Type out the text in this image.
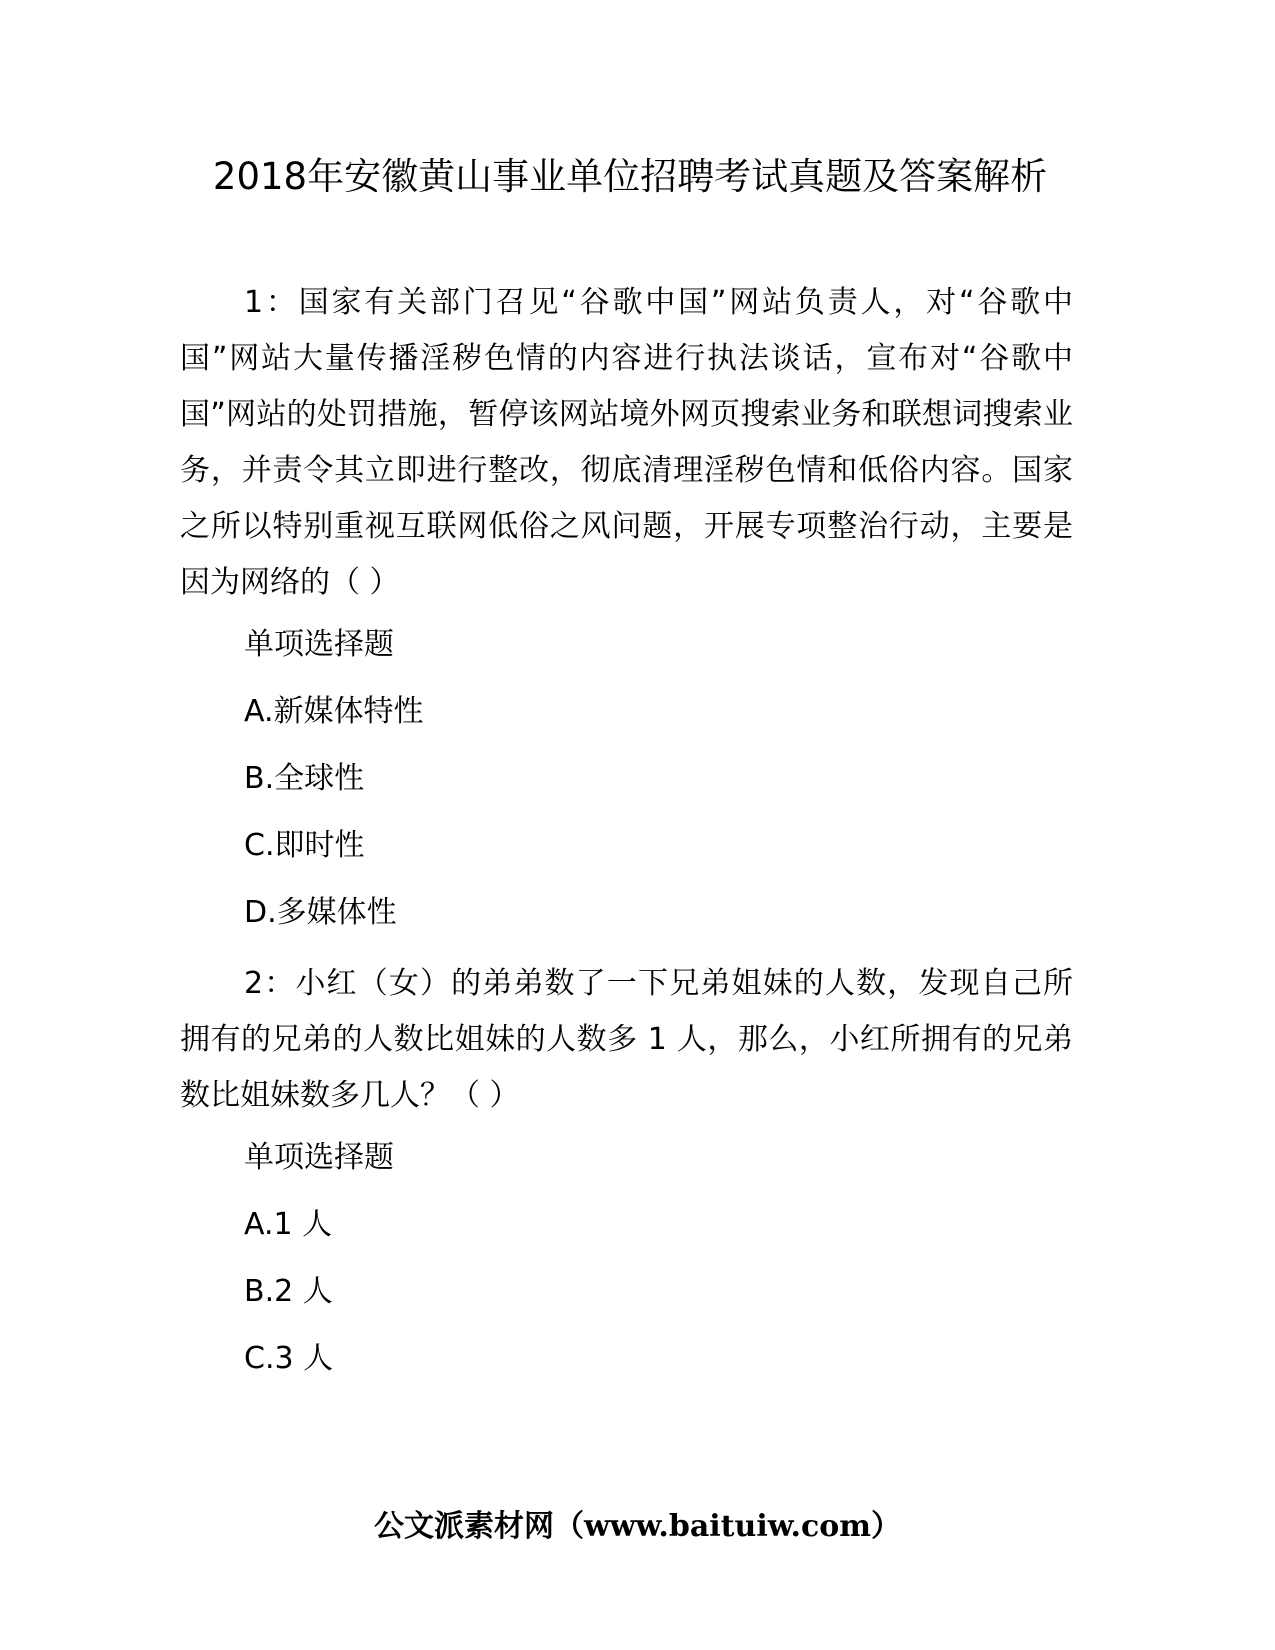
2018年安徽黄山事业单位招聘考试真题及答案解析

1：国家有关部门召见“谷歌中国”网站负责人，对“谷歌中国”网站大量传播淫秽色情的内容进行执法谈话，宣布对“谷歌中国”网站的处罚措施，暂停该网站境外网页搜索业务和联想词搜索业务，并责令其立即进行整改，彻底清理淫秽色情和低俗内容。国家之所以特别重视互联网低俗之风问题，开展专项整治行动，主要是因为网络的（ ）

单项选择题

A.新媒体特性

B.全球性

C.即时性

D.多媒体性

2：小红（女）的弟弟数了一下兄弟姐妹的人数，发现自己所拥有的兄弟的人数比姐妹的人数多 1 人，那么，小红所拥有的兄弟数比姐妹数多几人？（ ）

单项选择题

A.1 人

B.2 人

C.3 人

公文派素材网（www.baituiw.com）
